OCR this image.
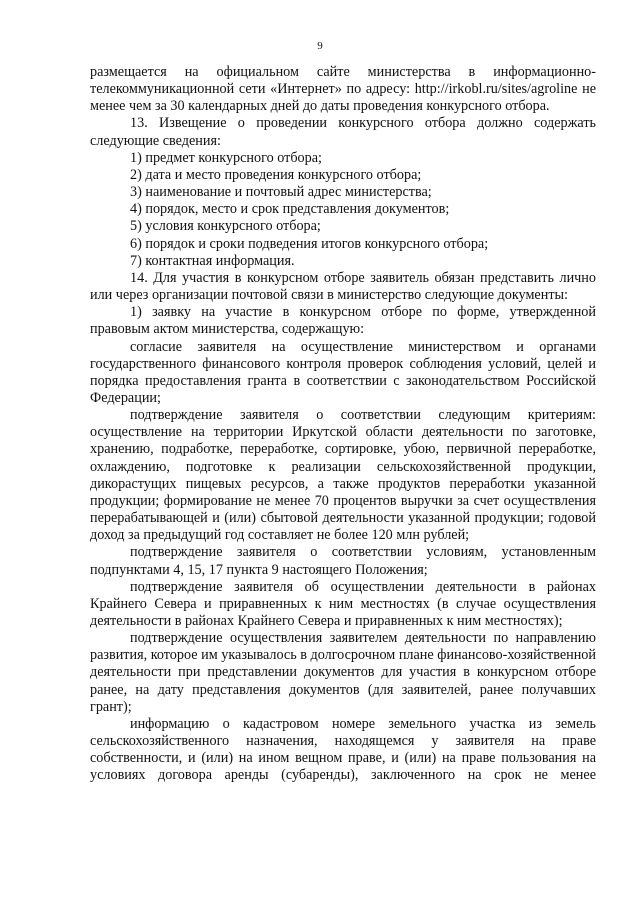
9

размещается на официальном сайте министерства в информационно-телекоммуникационной сети «Интернет» по адресу: http://irkobl.ru/sites/agroline не менее чем за 30 календарных дней до даты проведения конкурсного отбора.

13. Извещение о проведении конкурсного отбора должно содержать следующие сведения:

1) предмет конкурсного отбора;

2) дата и место проведения конкурсного отбора;

3) наименование и почтовый адрес министерства;

4) порядок, место и срок представления документов;

5) условия конкурсного отбора;

6) порядок и сроки подведения итогов конкурсного отбора;

7) контактная информация.

14. Для участия в конкурсном отборе заявитель обязан представить лично или через организации почтовой связи в министерство следующие документы:

1) заявку на участие в конкурсном отборе по форме, утвержденной правовым актом министерства, содержащую:

согласие заявителя на осуществление министерством и органами государственного финансового контроля проверок соблюдения условий, целей и порядка предоставления гранта в соответствии с законодательством Российской Федерации;

подтверждение заявителя о соответствии следующим критериям: осуществление на территории Иркутской области деятельности по заготовке, хранению, подработке, переработке, сортировке, убою, первичной переработке, охлаждению, подготовке к реализации сельскохозяйственной продукции, дикорастущих пищевых ресурсов, а также продуктов переработки указанной продукции; формирование не менее 70 процентов выручки за счет осуществления перерабатывающей и (или) сбытовой деятельности указанной продукции; годовой доход за предыдущий год составляет не более 120 млн рублей;

подтверждение заявителя о соответствии условиям, установленным подпунктами 4, 15, 17 пункта 9 настоящего Положения;

подтверждение заявителя об осуществлении деятельности в районах Крайнего Севера и приравненных к ним местностях (в случае осуществления деятельности в районах Крайнего Севера и приравненных к ним местностях);

подтверждение осуществления заявителем деятельности по направлению развития, которое им указывалось в долгосрочном плане финансово-хозяйственной деятельности при представлении документов для участия в конкурсном отборе ранее, на дату представления документов (для заявителей, ранее получавших грант);

информацию о кадастровом номере земельного участка из земель сельскохозяйственного назначения, находящемся у заявителя на праве собственности, и (или) на ином вещном праве, и (или) на праве пользования на условиях договора аренды (субаренды), заключенного на срок не менее
